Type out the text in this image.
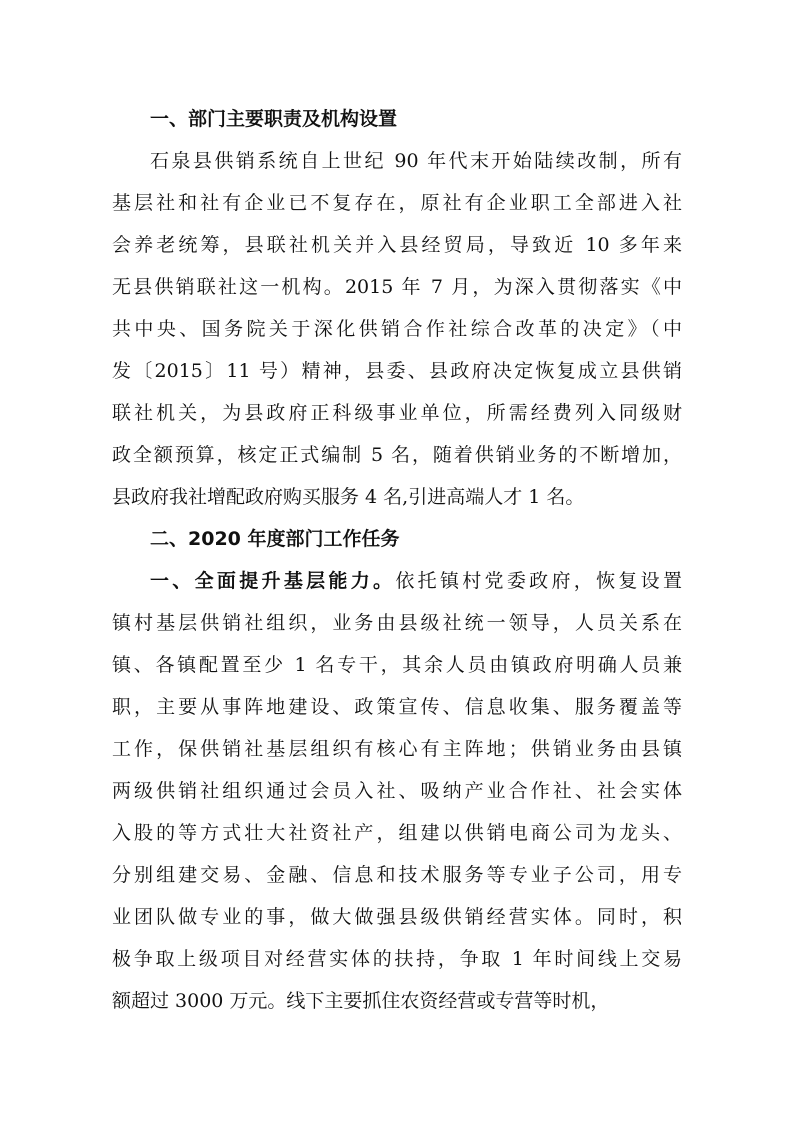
一、部门主要职责及机构设置
石泉县供销系统自上世纪 90 年代末开始陆续改制，所有
基层社和社有企业已不复存在，原社有企业职工全部进入社
会养老统筹，县联社机关并入县经贸局，导致近 10 多年来
无县供销联社这一机构。2015 年 7 月，为深入贯彻落实《中
共中央、国务院关于深化供销合作社综合改革的决定》（中
发〔2015〕11 号）精神，县委、县政府决定恢复成立县供销
联社机关，为县政府正科级事业单位，所需经费列入同级财
政全额预算，核定正式编制 5 名，随着供销业务的不断增加，
县政府我社增配政府购买服务 4 名,引进高端人才 1 名。
二、2020 年度部门工作任务
一、全面提升基层能力。依托镇村党委政府，恢复设置
镇村基层供销社组织，业务由县级社统一领导，人员关系在
镇、各镇配置至少 1 名专干，其余人员由镇政府明确人员兼
职，主要从事阵地建设、政策宣传、信息收集、服务覆盖等
工作，保供销社基层组织有核心有主阵地；供销业务由县镇
两级供销社组织通过会员入社、吸纳产业合作社、社会实体
入股的等方式壮大社资社产，组建以供销电商公司为龙头、
分别组建交易、金融、信息和技术服务等专业子公司，用专
业团队做专业的事，做大做强县级供销经营实体。同时，积
极争取上级项目对经营实体的扶持，争取 1 年时间线上交易
额超过 3000 万元。线下主要抓住农资经营或专营等时机，
